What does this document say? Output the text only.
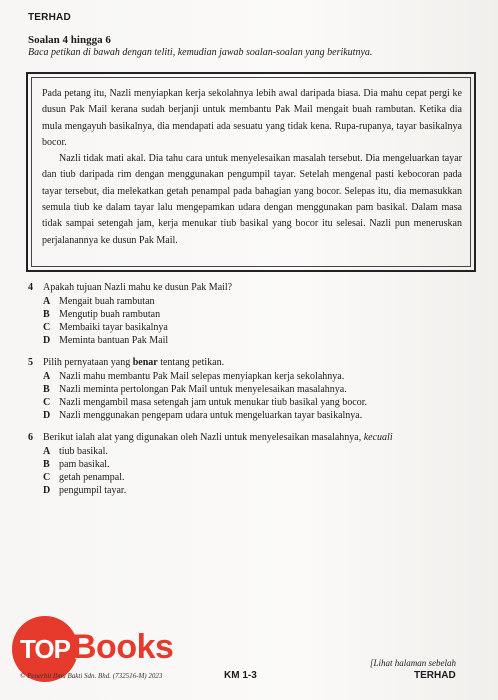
TERHAD
Soalan 4 hingga 6
Baca petikan di bawah dengan teliti, kemudian jawab soalan-soalan yang berikutnya.

Pada petang itu, Nazli menyiapkan kerja sekolahnya lebih awal daripada biasa. Dia mahu cepat pergi ke dusun Pak Mail kerana sudah berjanji untuk membantu Pak Mail mengait buah rambutan. Ketika dia mula mengayuh basikalnya, dia mendapati ada sesuatu yang tidak kena. Rupa-rupanya, tayar basikalnya bocor.

Nazli tidak mati akal. Dia tahu cara untuk menyelesaikan masalah tersebut. Dia mengeluarkan tayar dan tiub daripada rim dengan menggunakan pengumpil tayar. Setelah mengenal pasti kebocoran pada tayar tersebut, dia melekatkan getah penampal pada bahagian yang bocor. Selepas itu, dia memasukkan semula tiub ke dalam tayar lalu mengepamkan udara dengan menggunakan pam basikal. Dalam masa tidak sampai setengah jam, kerja menukar tiub basikal yang bocor itu selesai. Nazli pun meneruskan perjalanannya ke dusun Pak Mail.

4	Apakah tujuan Nazli mahu ke dusun Pak Mail?
A Mengait buah rambutan
B Mengutip buah rambutan
C Membaiki tayar basikalnya
D Meminta bantuan Pak Mail
5	Pilih pernyataan yang benar tentang petikan.
A Nazli mahu membantu Pak Mail selepas menyiapkan kerja sekolahnya.
B Nazli meminta pertolongan Pak Mail untuk menyelesaikan masalahnya.
C Nazli mengambil masa setengah jam untuk menukar tiub basikal yang bocor.
D Nazli menggunakan pengepam udara untuk mengeluarkan tayar basikalnya.
6	Berikut ialah alat yang digunakan oleh Nazli untuk menyelesaikan masalahnya, kecuali
A tiub basikal.
B pam basikal.
C getah penampal.
D pengumpil tayar.
TOP Books
© Penerbit Ilmu Bakti Sdn. Bhd. (732516-M) 2023	KM 1-3
[Lihat halaman sebelah
TERHAD
